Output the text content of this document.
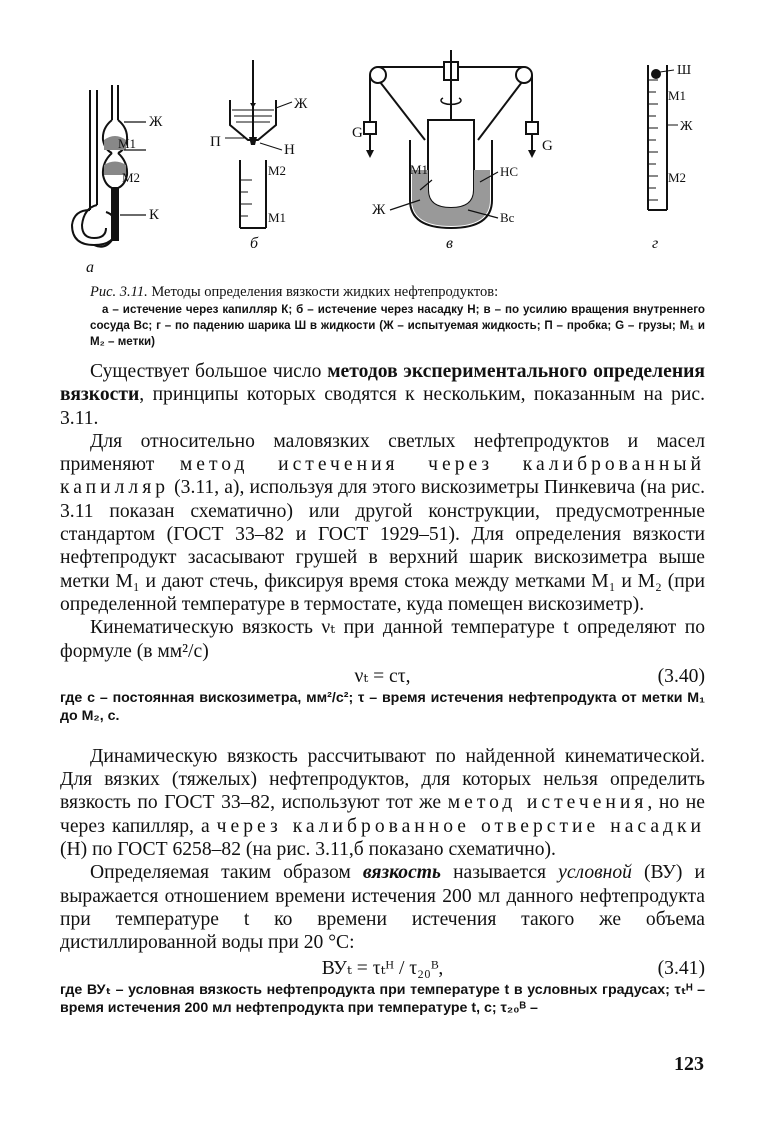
Ж
М1
М2
К
а
Ж
П	Н
М2
М1
б
G
G
Ж
М1	НС
Вс
в
Ш
М1
Ж
М2
г
Рис. 3.11. Методы определения вязкости жидких нефтепродуктов:
а – истечение через капилляр К; б – истечение через насадку Н; в – по усилию вращения внутреннего сосуда Вс; г – по падению шарика Ш в жидкости (Ж – испытуемая жидкость; П – пробка; G – грузы; М₁ и М₂ – метки)

Существует большое число методов экспериментального определения вязкости, принципы которых сводятся к нескольким, показанным на рис. 3.11.

Для относительно маловязких светлых нефтепродуктов и масел применяют метод истечения через калиброванный капилляр (3.11, а), используя для этого вискозиметры Пинкевича (на рис. 3.11 показан схематично) или другой конструкции, предусмотренные стандартом (ГОСТ 33–82 и ГОСТ 1929–51). Для определения вязкости нефтепродукт засасывают грушей в верхний шарик вискозиметра выше метки М₁ и дают стечь, фиксируя время стока между метками М₁ и М₂ (при определенной температуре в термостате, куда помещен вискозиметр).

Кинематическую вязкость νₜ при данной температуре t определяют по формуле (в мм²/с)

νₜ = cτ,	(3.40)
где c – постоянная вискозиметра, мм²/с²; τ – время истечения нефтепродукта от метки М₁ до М₂, с.

Динамическую вязкость рассчитывают по найденной кинематической. Для вязких (тяжелых) нефтепродуктов, для которых нельзя определить вязкость по ГОСТ 33–82, используют тот же метод истечения, но не через капилляр, а через калиброванное отверстие насадки (Н) по ГОСТ 6258–82 (на рис. 3.11,б показано схематично).

Определяемая таким образом вязкость называется условной (ВУ) и выражается отношением времени истечения 200 мл данного нефтепродукта при температуре t ко времени истечения такого же объема дистиллированной воды при 20 °С:

ВУₜ = τₜᴴ / τ₂₀ᴮ,	(3.41)
где ВУₜ – условная вязкость нефтепродукта при температуре t в условных градусах; τₜᴴ – время истечения 200 мл нефтепродукта при температуре t, с; τ₂₀ᴮ –
123
